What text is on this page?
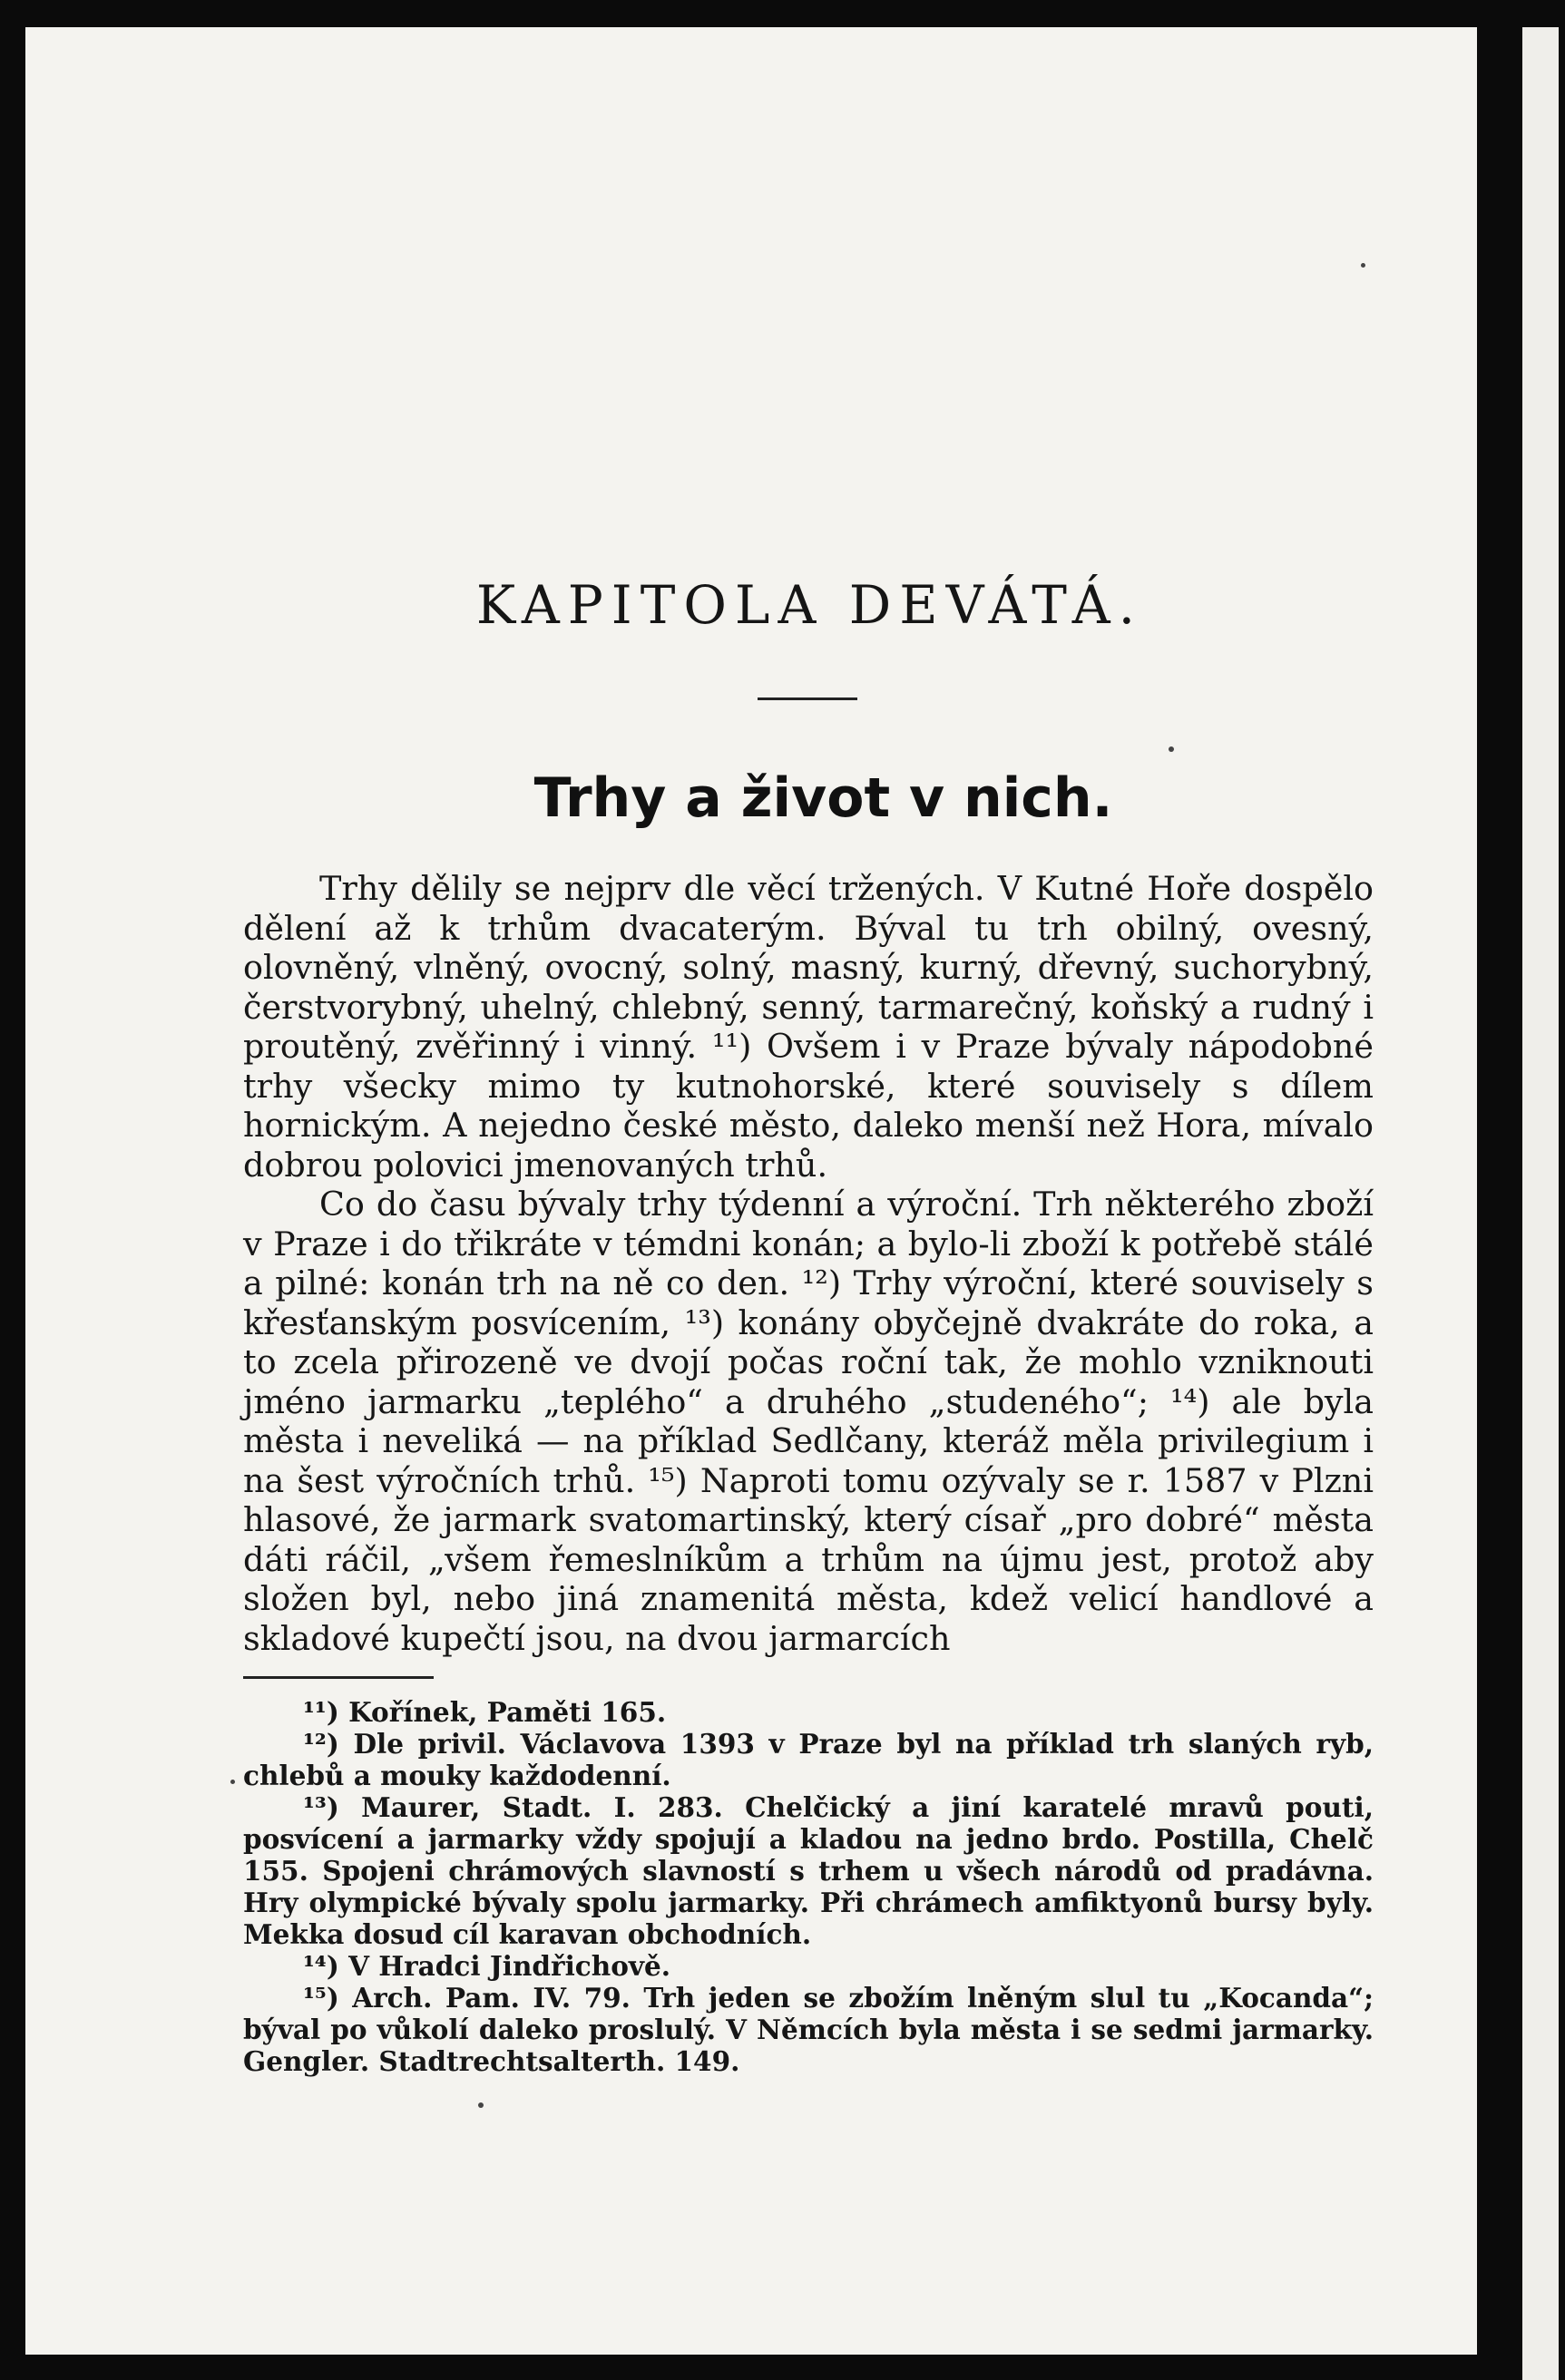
KAPITOLA DEVÁTÁ.
Trhy a život v nich.

Trhy dělily se nejprv dle věcí tržených. V Kutné Hoře dospělo dělení až k trhům dvacaterým. Býval tu trh obilný, ovesný, olovněný, vlněný, ovocný, solný, masný, kurný, dřevný, suchorybný, čerstvorybný, uhelný, chlebný, senný, tarmarečný, koňský a rudný i proutěný, zvěřinný i vinný. ¹¹) Ovšem i v Praze bývaly nápodobné trhy všecky mimo ty kutnohorské, které souvisely s dílem hornickým. A nejedno české město, daleko menší než Hora, mívalo dobrou polovici jmenovaných trhů.

Co do času bývaly trhy týdenní a výroční. Trh některého zboží v Praze i do třikráte v témdni konán; a bylo-li zboží k potřebě stálé a pilné: konán trh na ně co den. ¹²) Trhy výroční, které souvisely s křesťanským posvícením, ¹³) konány obyčejně dvakráte do roka, a to zcela přirozeně ve dvojí počas roční tak, že mohlo vzniknouti jméno jarmarku „teplého“ a druhého „studeného“; ¹⁴) ale byla města i neveliká — na příklad Sedlčany, kteráž měla privilegium i na šest výročních trhů. ¹⁵) Naproti tomu ozývaly se r. 1587 v Plzni hlasové, že jarmark svatomartinský, který císař „pro dobré“ města dáti ráčil, „všem řemeslníkům a trhům na újmu jest, protož aby složen byl, nebo jiná znamenitá města, kdež velicí handlové a skladové kupečtí jsou, na dvou jarmarcích

¹¹) Kořínek, Paměti 165.

¹²) Dle privil. Václavova 1393 v Praze byl na příklad trh slaných ryb, chlebů a mouky každodenní.

¹³) Maurer, Stadt. I. 283. Chelčický a jiní karatelé mravů pouti, posvícení a jarmarky vždy spojují a kladou na jedno brdo. Postilla, Chelč 155. Spojeni chrámových slavností s trhem u všech národů od pradávna. Hry olympické bývaly spolu jarmarky. Při chrámech amfiktyonů bursy byly. Mekka dosud cíl karavan obchodních.

¹⁴) V Hradci Jindřichově.

¹⁵) Arch. Pam. IV. 79. Trh jeden se zbožím lněným slul tu „Kocanda“; býval po vůkolí daleko proslulý. V Němcích byla města i se sedmi jarmarky. Gengler. Stadtrechtsalterth. 149.
